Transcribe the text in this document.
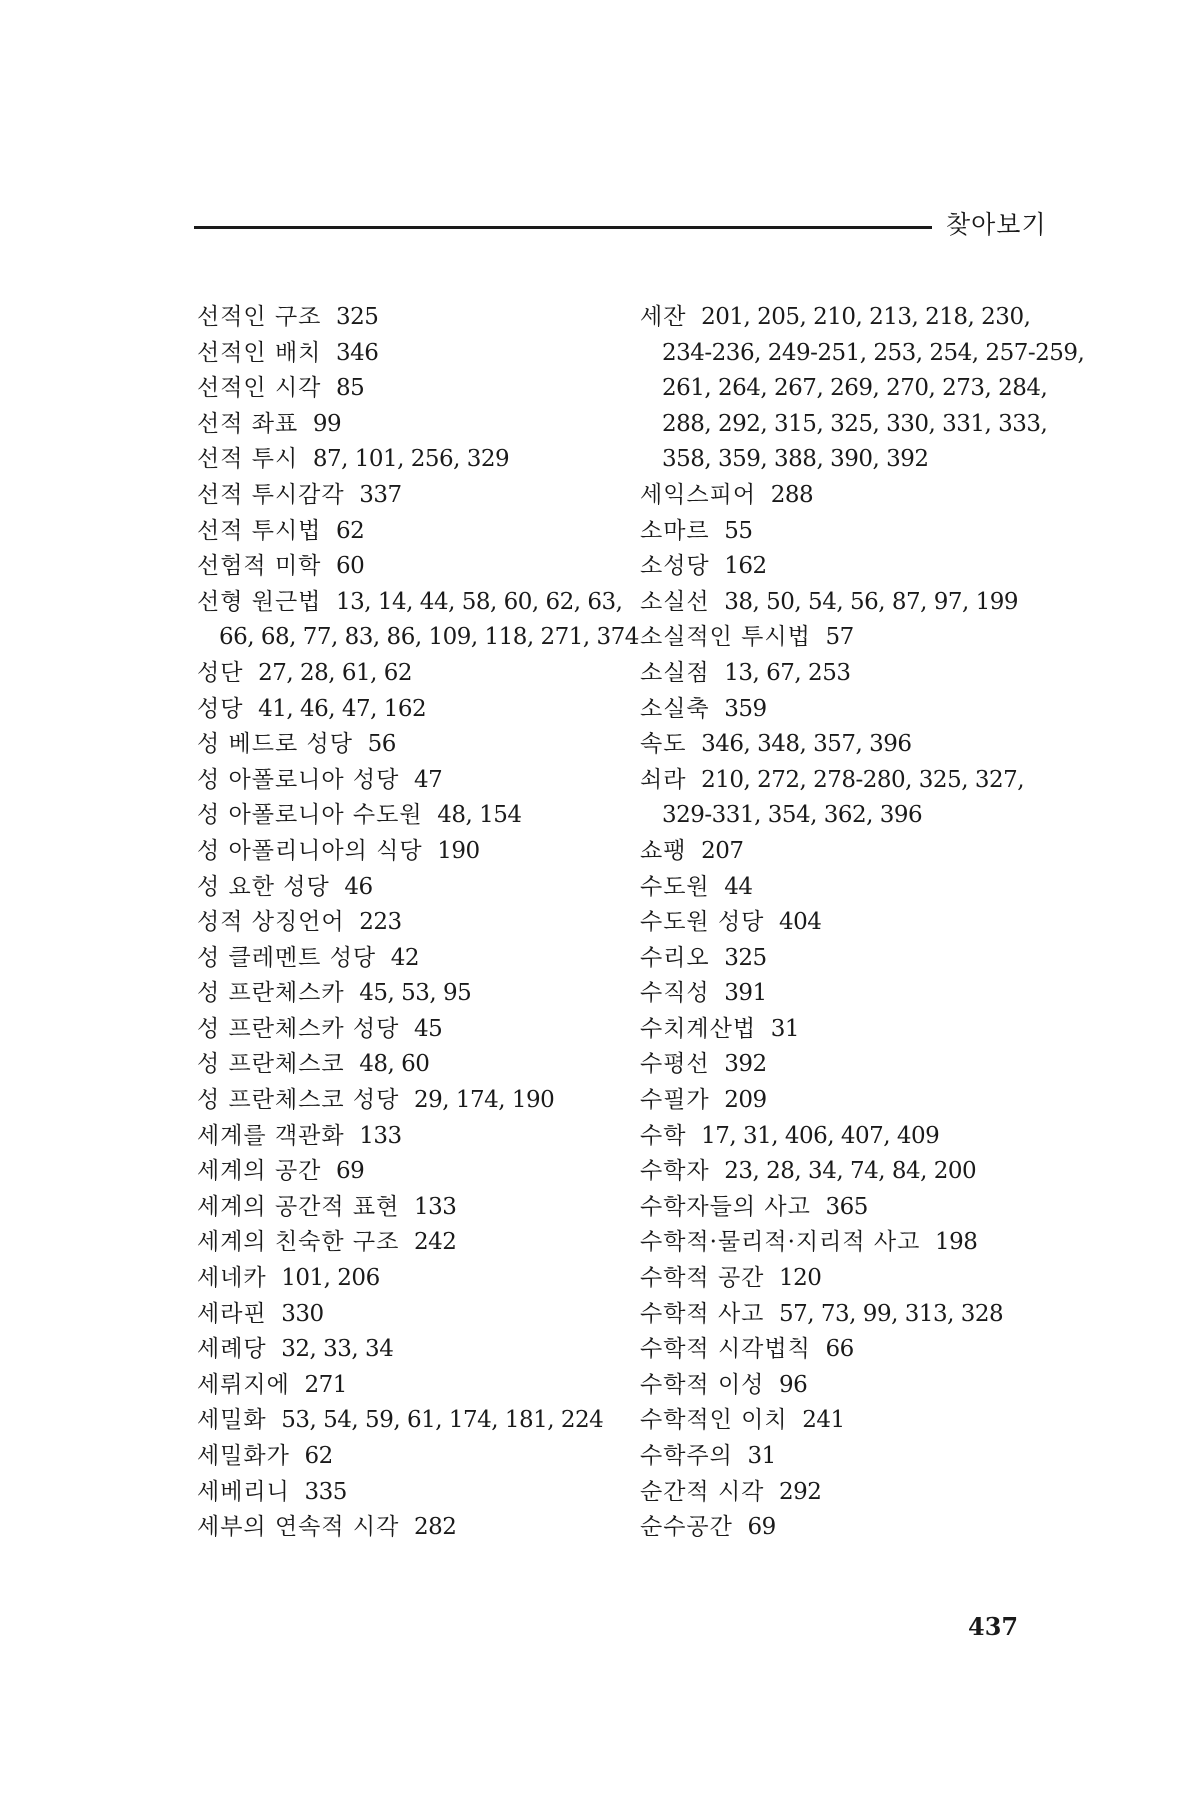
찾아보기
선적인 구조 325
선적인 배치 346
선적인 시각 85
선적 좌표 99
선적 투시 87, 101, 256, 329
선적 투시감각 337
선적 투시법 62
선험적 미학 60
선형 원근법 13, 14, 44, 58, 60, 62, 63,
66, 68, 77, 83, 86, 109, 118, 271, 374
성단 27, 28, 61, 62
성당 41, 46, 47, 162
성 베드로 성당 56
성 아폴로니아 성당 47
성 아폴로니아 수도원 48, 154
성 아폴리니아의 식당 190
성 요한 성당 46
성적 상징언어 223
성 클레멘트 성당 42
성 프란체스카 45, 53, 95
성 프란체스카 성당 45
성 프란체스코 48, 60
성 프란체스코 성당 29, 174, 190
세계를 객관화 133
세계의 공간 69
세계의 공간적 표현 133
세계의 친숙한 구조 242
세네카 101, 206
세라핀 330
세례당 32, 33, 34
세뤼지에 271
세밀화 53, 54, 59, 61, 174, 181, 224
세밀화가 62
세베리니 335
세부의 연속적 시각 282
세잔 201, 205, 210, 213, 218, 230,
234-236, 249-251, 253, 254, 257-259,
261, 264, 267, 269, 270, 273, 284,
288, 292, 315, 325, 330, 331, 333,
358, 359, 388, 390, 392
세익스피어 288
소마르 55
소성당 162
소실선 38, 50, 54, 56, 87, 97, 199
소실적인 투시법 57
소실점 13, 67, 253
소실축 359
속도 346, 348, 357, 396
쇠라 210, 272, 278-280, 325, 327,
329-331, 354, 362, 396
쇼팽 207
수도원 44
수도원 성당 404
수리오 325
수직성 391
수치계산법 31
수평선 392
수필가 209
수학 17, 31, 406, 407, 409
수학자 23, 28, 34, 74, 84, 200
수학자들의 사고 365
수학적·물리적·지리적 사고 198
수학적 공간 120
수학적 사고 57, 73, 99, 313, 328
수학적 시각법칙 66
수학적 이성 96
수학적인 이치 241
수학주의 31
순간적 시각 292
순수공간 69
437
